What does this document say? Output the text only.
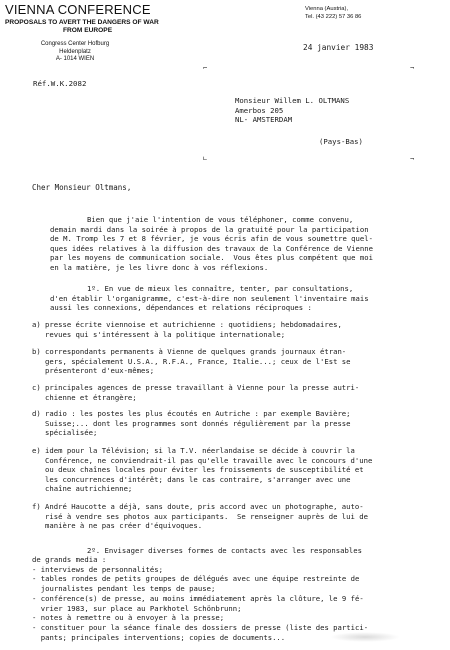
VIENNA CONFERENCE
PROPOSALS TO AVERT THE DANGERS OF WAR
FROM EUROPE
Congress Center Hofburg
Heldenplatz
A- 1014 WIEN
Vienna (Austria),
Tel. (43 222) 57 36 86
24 janvier 1983
Réf.W.K.2082
⌐	¬
∟	¬
Monsieur Willem L. OLTMANS
Amerbos 205
NL- AMSTERDAM
(Pays-Bas)
Cher Monsieur Oltmans,
Bien que j'aie l'intention de vous téléphoner, comme convenu,
demain mardi dans la soirée à propos de la gratuité pour la participation
de M. Tromp les 7 et 8 février, je vous écris afin de vous soumettre quel-
ques idées relatives à la diffusion des travaux de la Conférence de Vienne
par les moyens de communication sociale.  Vous êtes plus compétent que moi
en la matière, je les livre donc à vos réflexions.
1º. En vue de mieux les connaître, tenter, par consultations,
d'en établir l'organigramme, c'est-à-dire non seulement l'inventaire mais
aussi les connexions, dépendances et relations réciproques :

a)

presse écrite viennoise et autrichienne : quotidiens; hebdomadaires,
revues qui s'intéressent à la politique internationale;

b)

correspondants permanents à Vienne de quelques grands journaux étran-
gers, spécialement U.S.A., R.F.A., France, Italie...; ceux de l'Est se
présenteront d'eux-mêmes;

c)

principales agences de presse travaillant à Vienne pour la presse autri-
chienne et étrangère;

d)

radio : les postes les plus écoutés en Autriche : par exemple Bavière;
Suisse;... dont les programmes sont donnés régulièrement par la presse
spécialisée;

e)

idem pour la Télévision; si la T.V. néerlandaise se décide à couvrir la
Conférence, ne conviendrait-il pas qu'elle travaille avec le concours d'une
ou deux chaînes locales pour éviter les froissements de susceptibilité et
les concurrences d'intérêt; dans le cas contraire, s'arranger avec une
chaîne autrichienne;

f)

André Haucotte a déjà, sans doute, pris accord avec un photographe, auto-
risé à vendre ses photos aux participants.  Se renseigner auprès de lui de
manière à ne pas créer d'équivoques.

2º. Envisager diverses formes de contacts avec les responsables
de grands media :
- interviews de personnalités;
- tables rondes de petits groupes de délégués avec une équipe restreinte de
journalistes pendant les temps de pause;
- conférence(s) de presse, au moins immédiatement après la clôture, le 9 fé-
vrier 1983, sur place au Parkhotel Schönbrunn;
- notes à remettre ou à envoyer à la presse;
- constituer pour la séance finale des dossiers de presse (liste des partici-
pants; principales interventions; copies de documents...
